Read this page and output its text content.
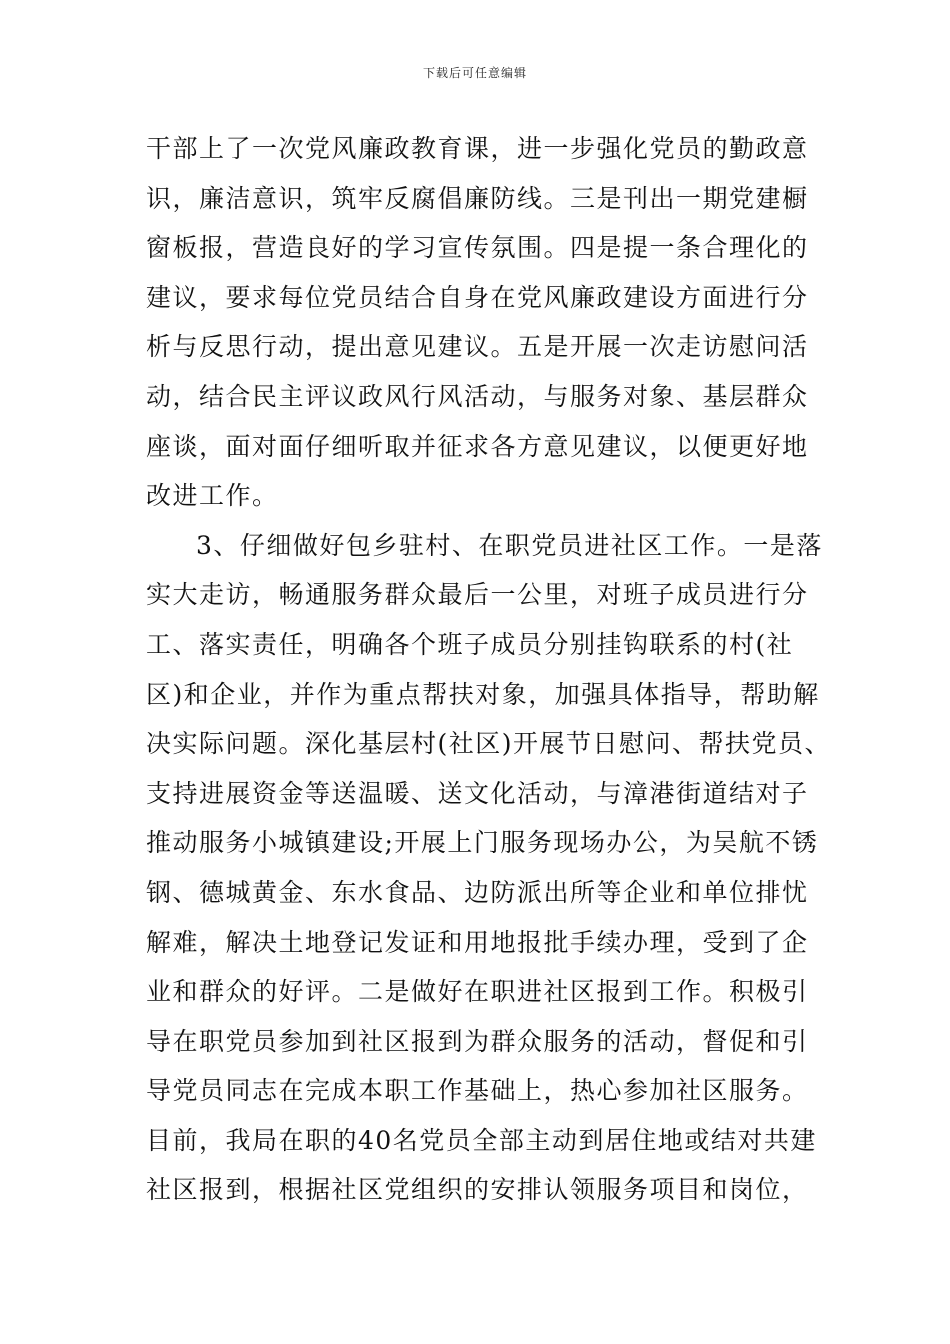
下载后可任意编辑
干部上了一次党风廉政教育课，进一步强化党员的勤政意
识，廉洁意识，筑牢反腐倡廉防线。三是刊出一期党建橱
窗板报，营造良好的学习宣传氛围。四是提一条合理化的
建议，要求每位党员结合自身在党风廉政建设方面进行分
析与反思行动，提出意见建议。五是开展一次走访慰问活
动，结合民主评议政风行风活动，与服务对象、基层群众
座谈，面对面仔细听取并征求各方意见建议，以便更好地
改进工作。
3、仔细做好包乡驻村、在职党员进社区工作。一是落
实大走访，畅通服务群众最后一公里，对班子成员进行分
工、落实责任，明确各个班子成员分别挂钩联系的村(社
区)和企业，并作为重点帮扶对象，加强具体指导，帮助解
决实际问题。深化基层村(社区)开展节日慰问、帮扶党员、
支持进展资金等送温暖、送文化活动，与漳港街道结对子
推动服务小城镇建设;开展上门服务现场办公，为吴航不锈
钢、德城黄金、东水食品、边防派出所等企业和单位排忧
解难，解决土地登记发证和用地报批手续办理，受到了企
业和群众的好评。二是做好在职进社区报到工作。积极引
导在职党员参加到社区报到为群众服务的活动，督促和引
导党员同志在完成本职工作基础上，热心参加社区服务。
目前，我局在职的40名党员全部主动到居住地或结对共建
社区报到，根据社区党组织的安排认领服务项目和岗位，
